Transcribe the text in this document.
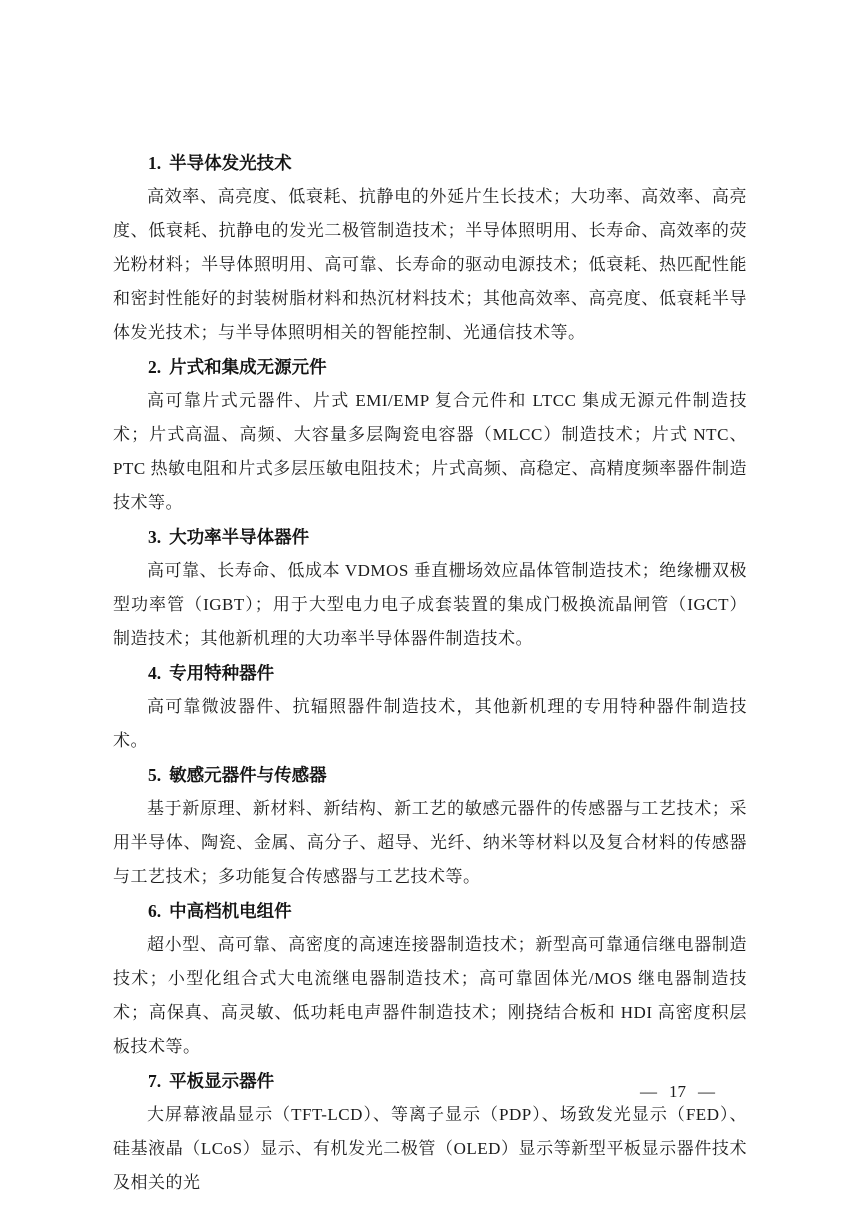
1. 半导体发光技术

高效率、高亮度、低衰耗、抗静电的外延片生长技术；大功率、高效率、高亮度、低衰耗、抗静电的发光二极管制造技术；半导体照明用、长寿命、高效率的荧光粉材料；半导体照明用、高可靠、长寿命的驱动电源技术；低衰耗、热匹配性能和密封性能好的封装树脂材料和热沉材料技术；其他高效率、高亮度、低衰耗半导体发光技术；与半导体照明相关的智能控制、光通信技术等。

2. 片式和集成无源元件

高可靠片式元器件、片式 EMI/EMP 复合元件和 LTCC 集成无源元件制造技术；片式高温、高频、大容量多层陶瓷电容器（MLCC）制造技术；片式 NTC、PTC 热敏电阻和片式多层压敏电阻技术；片式高频、高稳定、高精度频率器件制造技术等。

3. 大功率半导体器件

高可靠、长寿命、低成本 VDMOS 垂直栅场效应晶体管制造技术；绝缘栅双极型功率管（IGBT）；用于大型电力电子成套装置的集成门极换流晶闸管（IGCT）制造技术；其他新机理的大功率半导体器件制造技术。

4. 专用特种器件

高可靠微波器件、抗辐照器件制造技术，其他新机理的专用特种器件制造技术。

5. 敏感元器件与传感器

基于新原理、新材料、新结构、新工艺的敏感元器件的传感器与工艺技术；采用半导体、陶瓷、金属、高分子、超导、光纤、纳米等材料以及复合材料的传感器与工艺技术；多功能复合传感器与工艺技术等。

6. 中高档机电组件

超小型、高可靠、高密度的高速连接器制造技术；新型高可靠通信继电器制造技术；小型化组合式大电流继电器制造技术；高可靠固体光/MOS 继电器制造技术；高保真、高灵敏、低功耗电声器件制造技术；刚挠结合板和 HDI 高密度积层板技术等。

7. 平板显示器件

大屏幕液晶显示（TFT-LCD）、等离子显示（PDP）、场致发光显示（FED）、硅基液晶（LCoS）显示、有机发光二极管（OLED）显示等新型平板显示器件技术及相关的光

— 17 —
